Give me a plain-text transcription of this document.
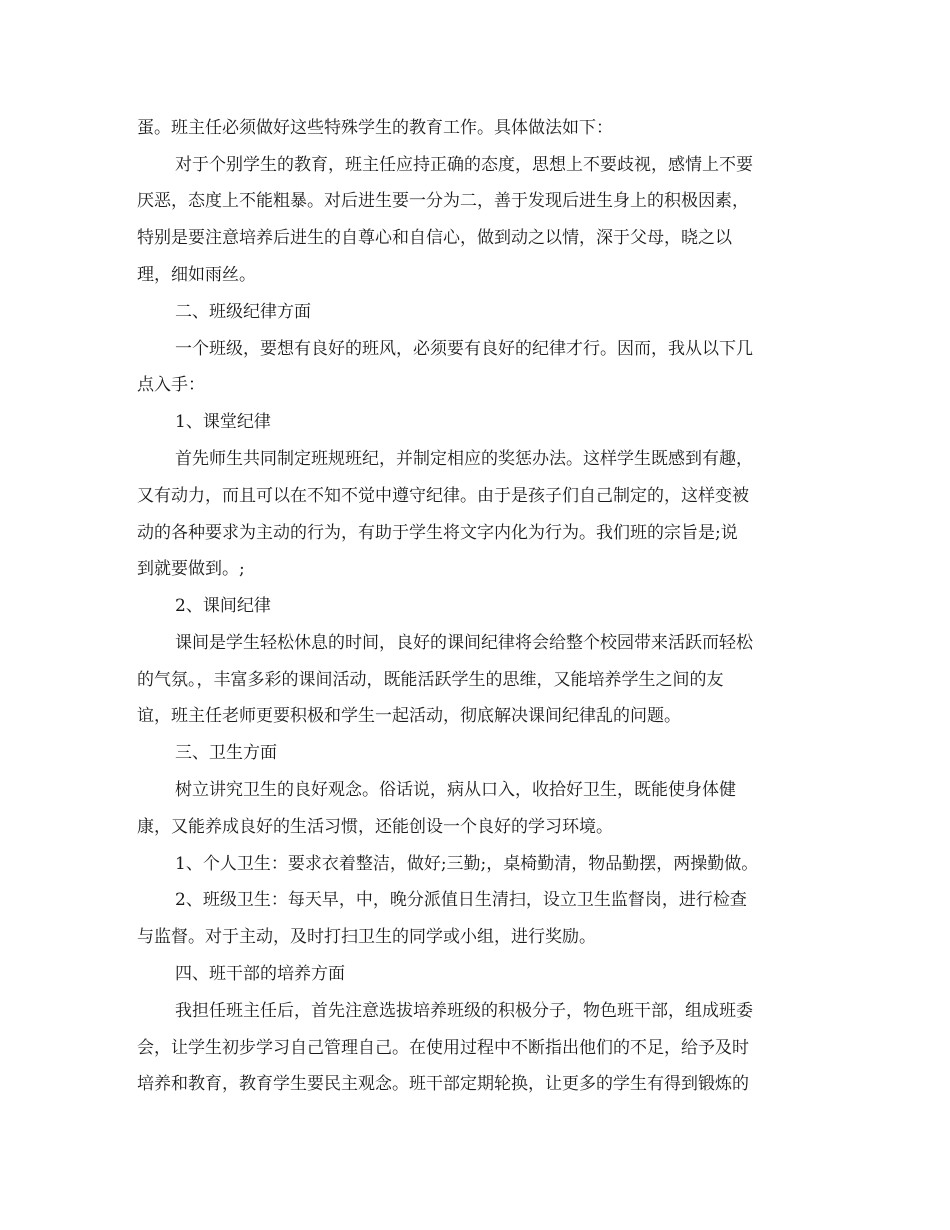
蛋。班主任必须做好这些特殊学生的教育工作。具体做法如下：

对于个别学生的教育，班主任应持正确的态度，思想上不要歧视，感情上不要

厌恶，态度上不能粗暴。对后进生要一分为二，善于发现后进生身上的积极因素，

特别是要注意培养后进生的自尊心和自信心，做到动之以情，深于父母，晓之以

理，细如雨丝。

二、班级纪律方面

一个班级，要想有良好的班风，必须要有良好的纪律才行。因而，我从以下几

点入手：

1、课堂纪律

首先师生共同制定班规班纪，并制定相应的奖惩办法。这样学生既感到有趣，

又有动力，而且可以在不知不觉中遵守纪律。由于是孩子们自己制定的，这样变被

动的各种要求为主动的行为，有助于学生将文字内化为行为。我们班的宗旨是;说

到就要做到。;

2、课间纪律

课间是学生轻松休息的时间，良好的课间纪律将会给整个校园带来活跃而轻松

的气氛。，丰富多彩的课间活动，既能活跃学生的思维，又能培养学生之间的友

谊，班主任老师更要积极和学生一起活动，彻底解决课间纪律乱的问题。

三、卫生方面

树立讲究卫生的良好观念。俗话说，病从口入，收拾好卫生，既能使身体健

康，又能养成良好的生活习惯，还能创设一个良好的学习环境。

1、个人卫生：要求衣着整洁，做好;三勤;，桌椅勤清，物品勤摆，两操勤做。

2、班级卫生：每天早，中，晚分派值日生清扫，设立卫生监督岗，进行检查

与监督。对于主动，及时打扫卫生的同学或小组，进行奖励。

四、班干部的培养方面

我担任班主任后，首先注意选拔培养班级的积极分子，物色班干部，组成班委

会，让学生初步学习自己管理自己。在使用过程中不断指出他们的不足，给予及时

培养和教育，教育学生要民主观念。班干部定期轮换，让更多的学生有得到锻炼的
